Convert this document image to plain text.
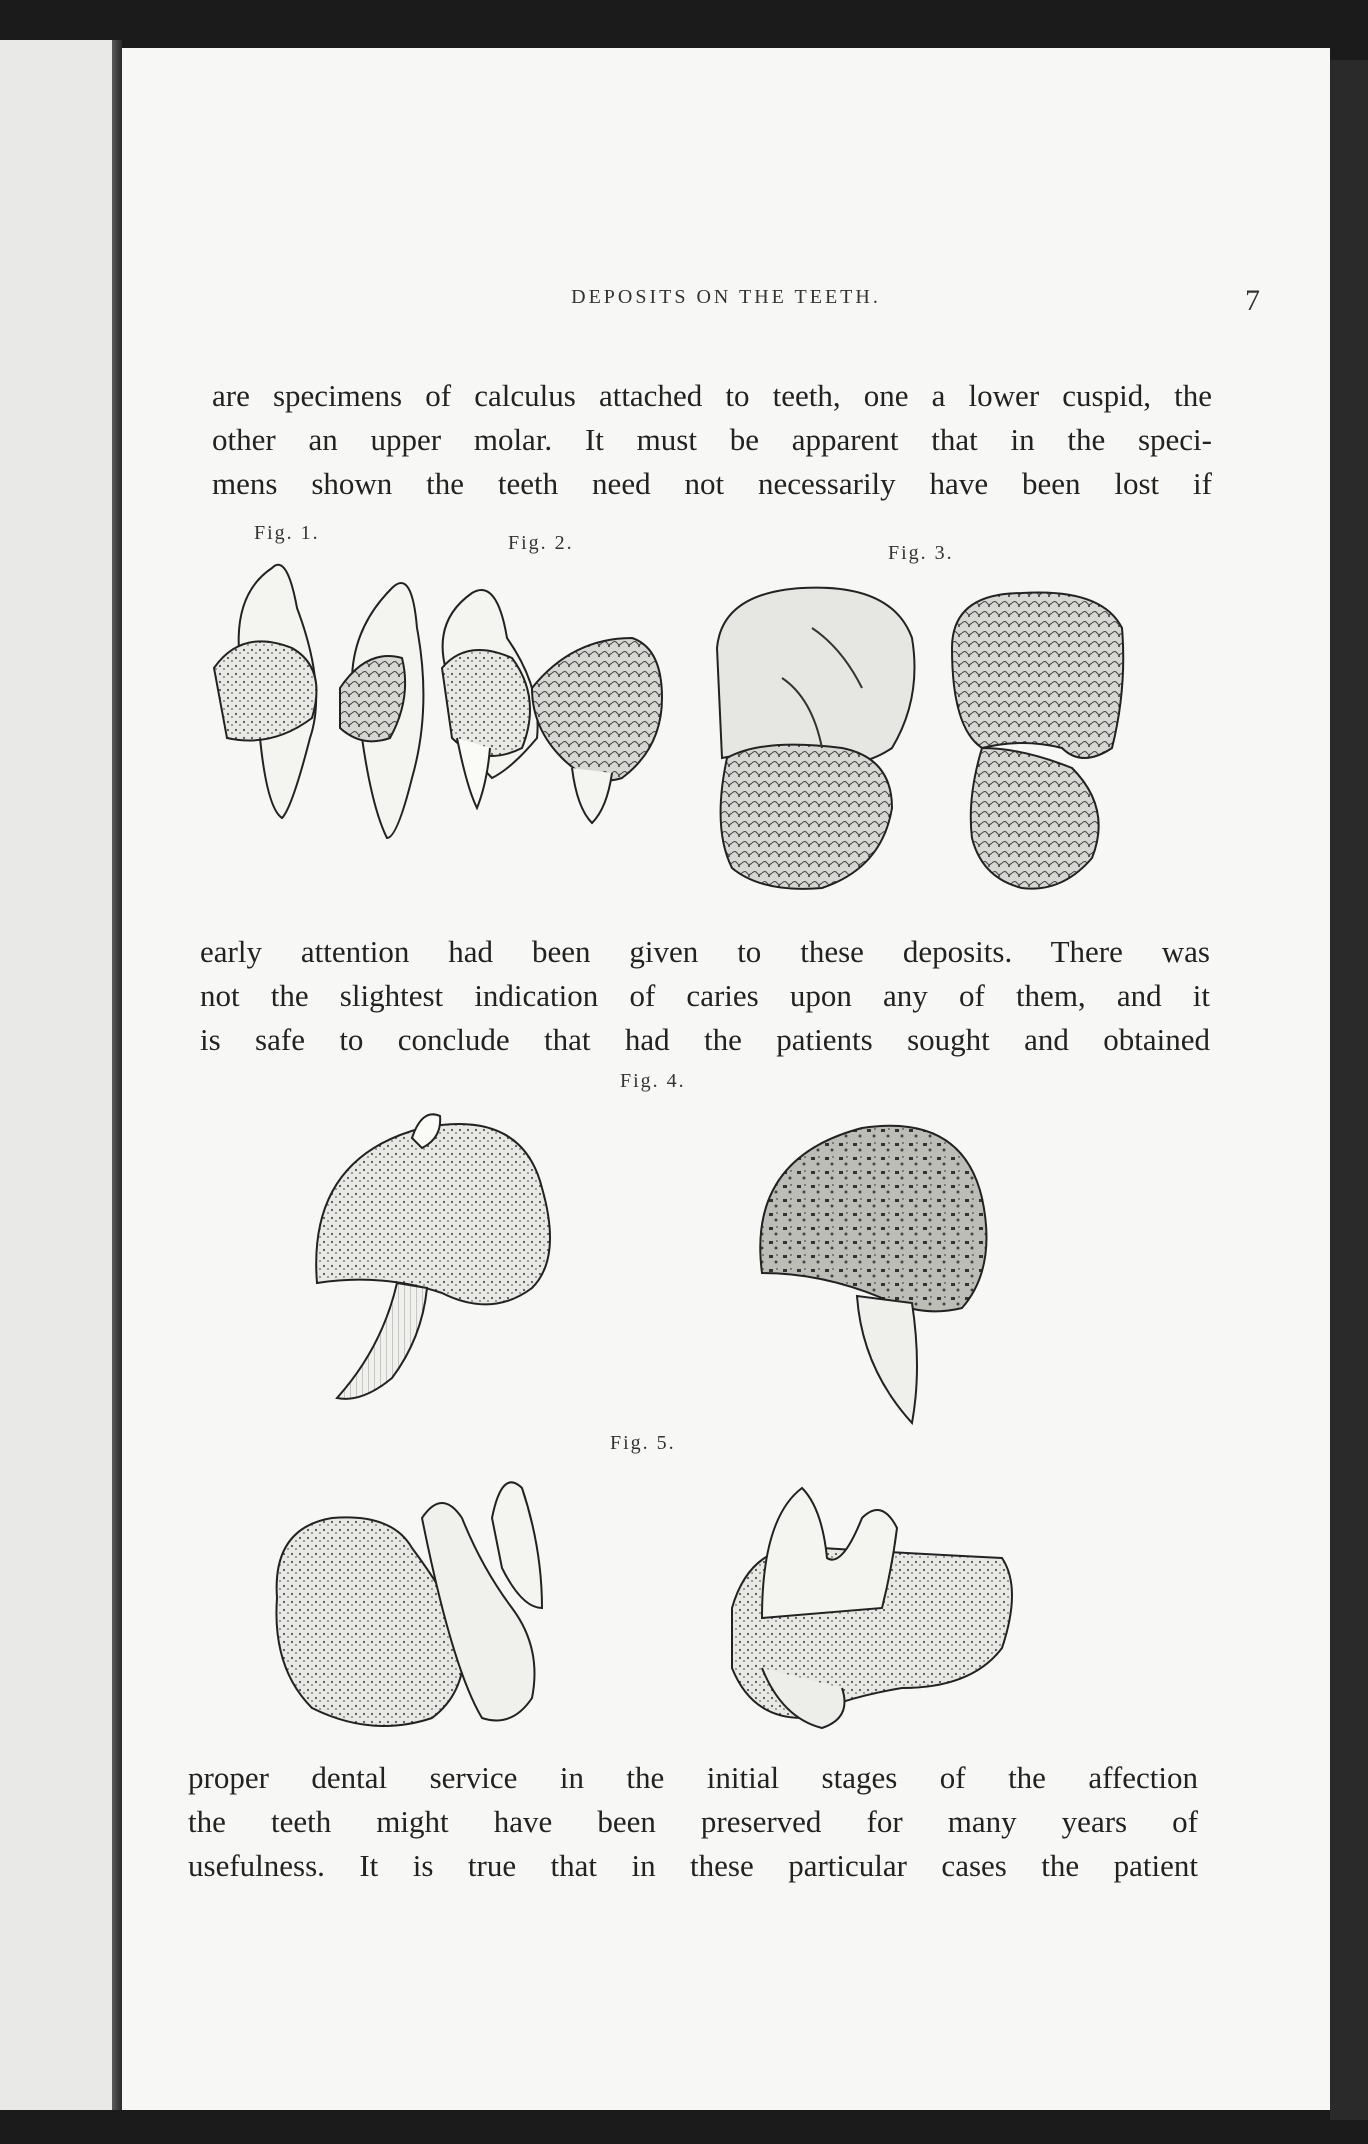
DEPOSITS ON THE TEETH.	7
are specimens of calculus attached to teeth, one a lower cuspid, the
other an upper molar. It must be apparent that in the speci-
mens shown the teeth need not necessarily have been lost if
Fig. 1.	Fig. 2.	Fig. 3.
early attention had been given to these deposits. There was
not the slightest indication of caries upon any of them, and it
is safe to conclude that had the patients sought and obtained
Fig. 4.
Fig. 5.
proper dental service in the initial stages of the affection
the teeth might have been preserved for many years of
usefulness. It is true that in these particular cases the patient
